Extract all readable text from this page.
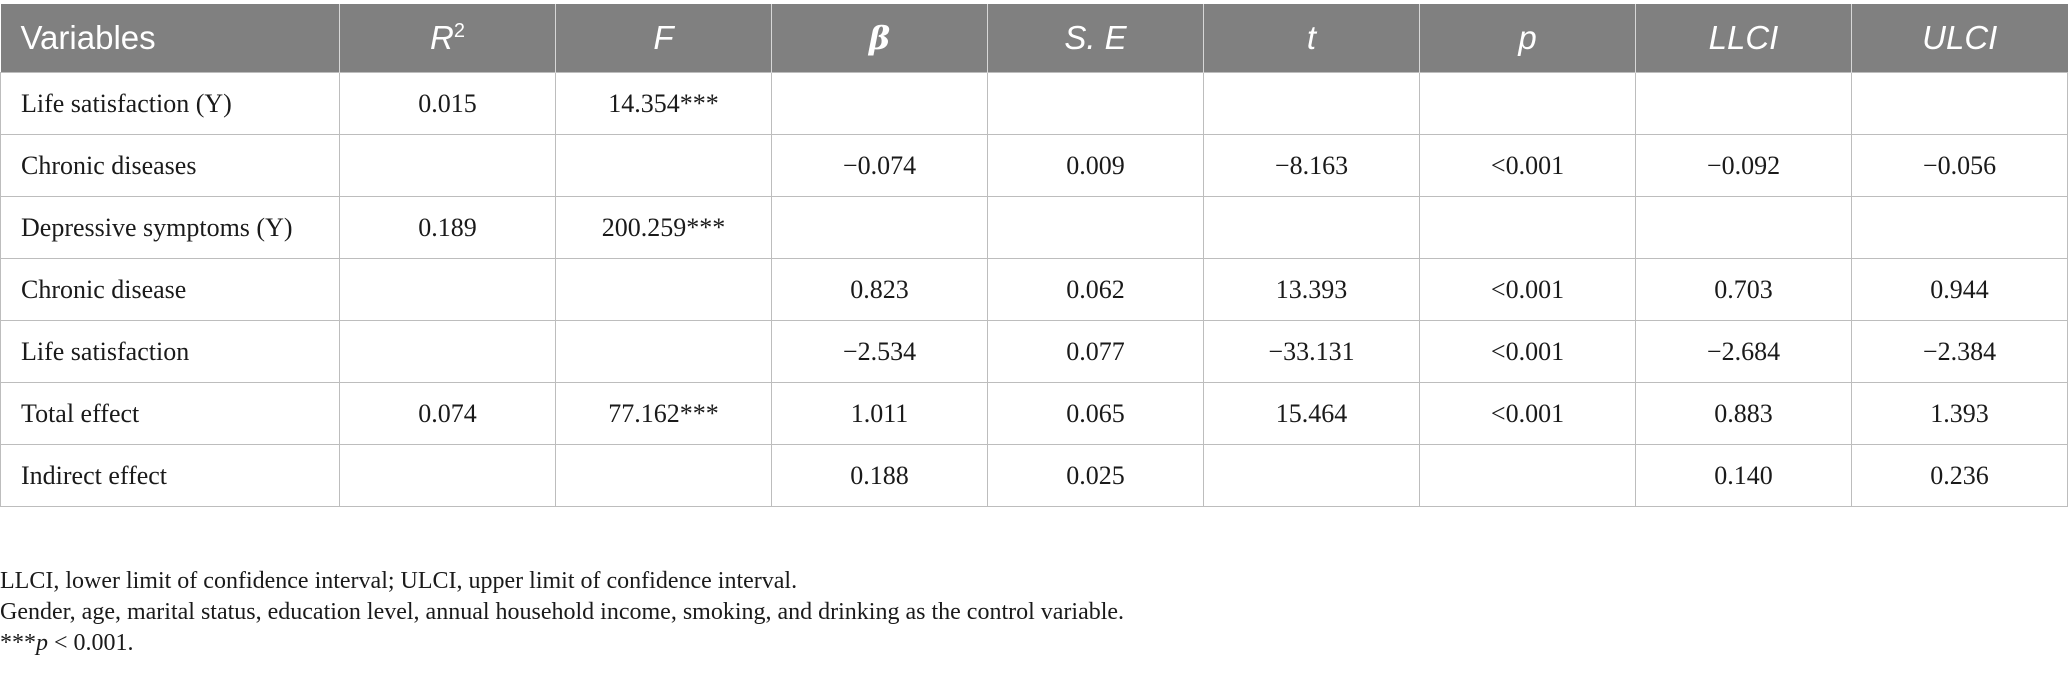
Variables	$R^2$	F	β	S. E	t	p	LLCI	ULCI
Life satisfaction (Y)	0.015	14.354***						
Chronic diseases			−0.074	0.009	−8.163	<0.001	−0.092	−0.056
Depressive symptoms (Y)	0.189	200.259***						
Chronic disease			0.823	0.062	13.393	<0.001	0.703	0.944
Life satisfaction			−2.534	0.077	−33.131	<0.001	−2.684	−2.384
Total effect	0.074	77.162***	1.011	0.065	15.464	<0.001	0.883	1.393
Indirect effect			0.188	0.025			0.140	0.236
LLCI, lower limit of confidence interval; ULCI, upper limit of confidence interval.
Gender, age, marital status, education level, annual household income, smoking, and drinking as the control variable.
***p < 0.001.
